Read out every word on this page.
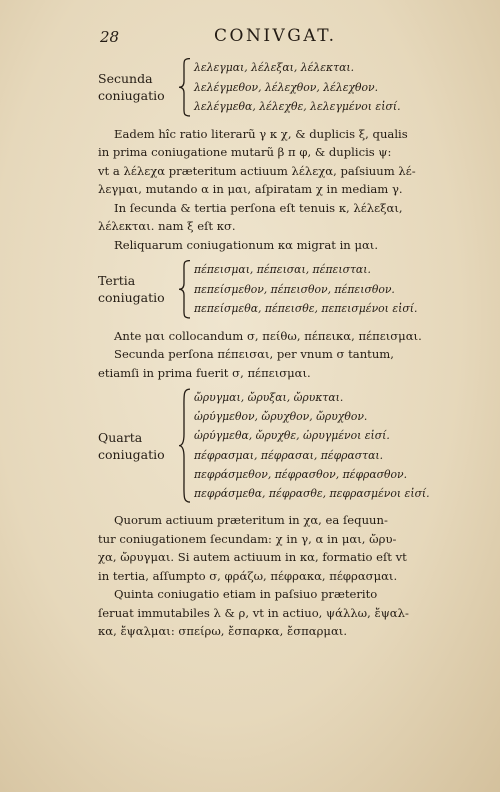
28	CONIVGAT.
Secunda
coniugatio
λελεγμαι, λέλεξαι, λέλεκται.
λελέγμεθον, λέλεχθον, λέλεχθον.
λελέγμεθα, λέλεχθε, λελεγμένοι εἰσί.

Eadem hîc ratio literarũ γ κ χ, & duplicis ξ, qualis

in prima coniugatione mutarũ β π φ, & duplicis ψ:

vt a λέλεχα præteritum actiuum λέλεχα, paſsiuum λέ-

λεγμαι, mutando α in μαι, aſpiratam χ in mediam γ.

In ſecunda & tertia perſona eſt tenuis κ, λέλεξαι,

λέλεκται. nam ξ eſt κσ.

Reliquarum coniugationum κα migrat in μαι.

Tertia
coniugatio
πέπεισμαι, πέπεισαι, πέπεισται.
πεπείσμεθον, πέπεισθον, πέπεισθον.
πεπείσμεθα, πέπεισθε, πεπεισμένοι εἰσί.

Ante μαι collocandum σ, πείθω, πέπεικα, πέπεισμαι.

Secunda perſona πέπεισαι, per vnum σ tantum,

etiamſi in prima fuerit σ, πέπεισμαι.

Quarta
coniugatio
ὤρυγμαι, ὤρυξαι, ὤρυκται.
ὠρύγμεθον, ὤρυχθον, ὤρυχθον.
ὠρύγμεθα, ὤρυχθε, ὠρυγμένοι εἰσί.
πέφρασμαι, πέφρασαι, πέφρασται.
πεφράσμεθον, πέφρασθον, πέφρασθον.
πεφράσμεθα, πέφρασθε, πεφρασμένοι εἰσί.

Quorum actiuum præteritum in χα, ea ſequun-

tur coniugationem ſecundam: χ in γ, α in μαι, ὤρυ-

χα, ὤρυγμαι. Si autem actiuum in κα, formatio eſt vt

in tertia, aſſumpto σ, φράζω, πέφρακα, πέφρασμαι.

Quinta coniugatio etiam in paſsiuo præterito

ſeruat immutabiles λ & ρ, vt in actiuo, ψάλλω, ἔψαλ-

κα, ἔψαλμαι: σπείρω, ἔσπαρκα, ἔσπαρμαι.
